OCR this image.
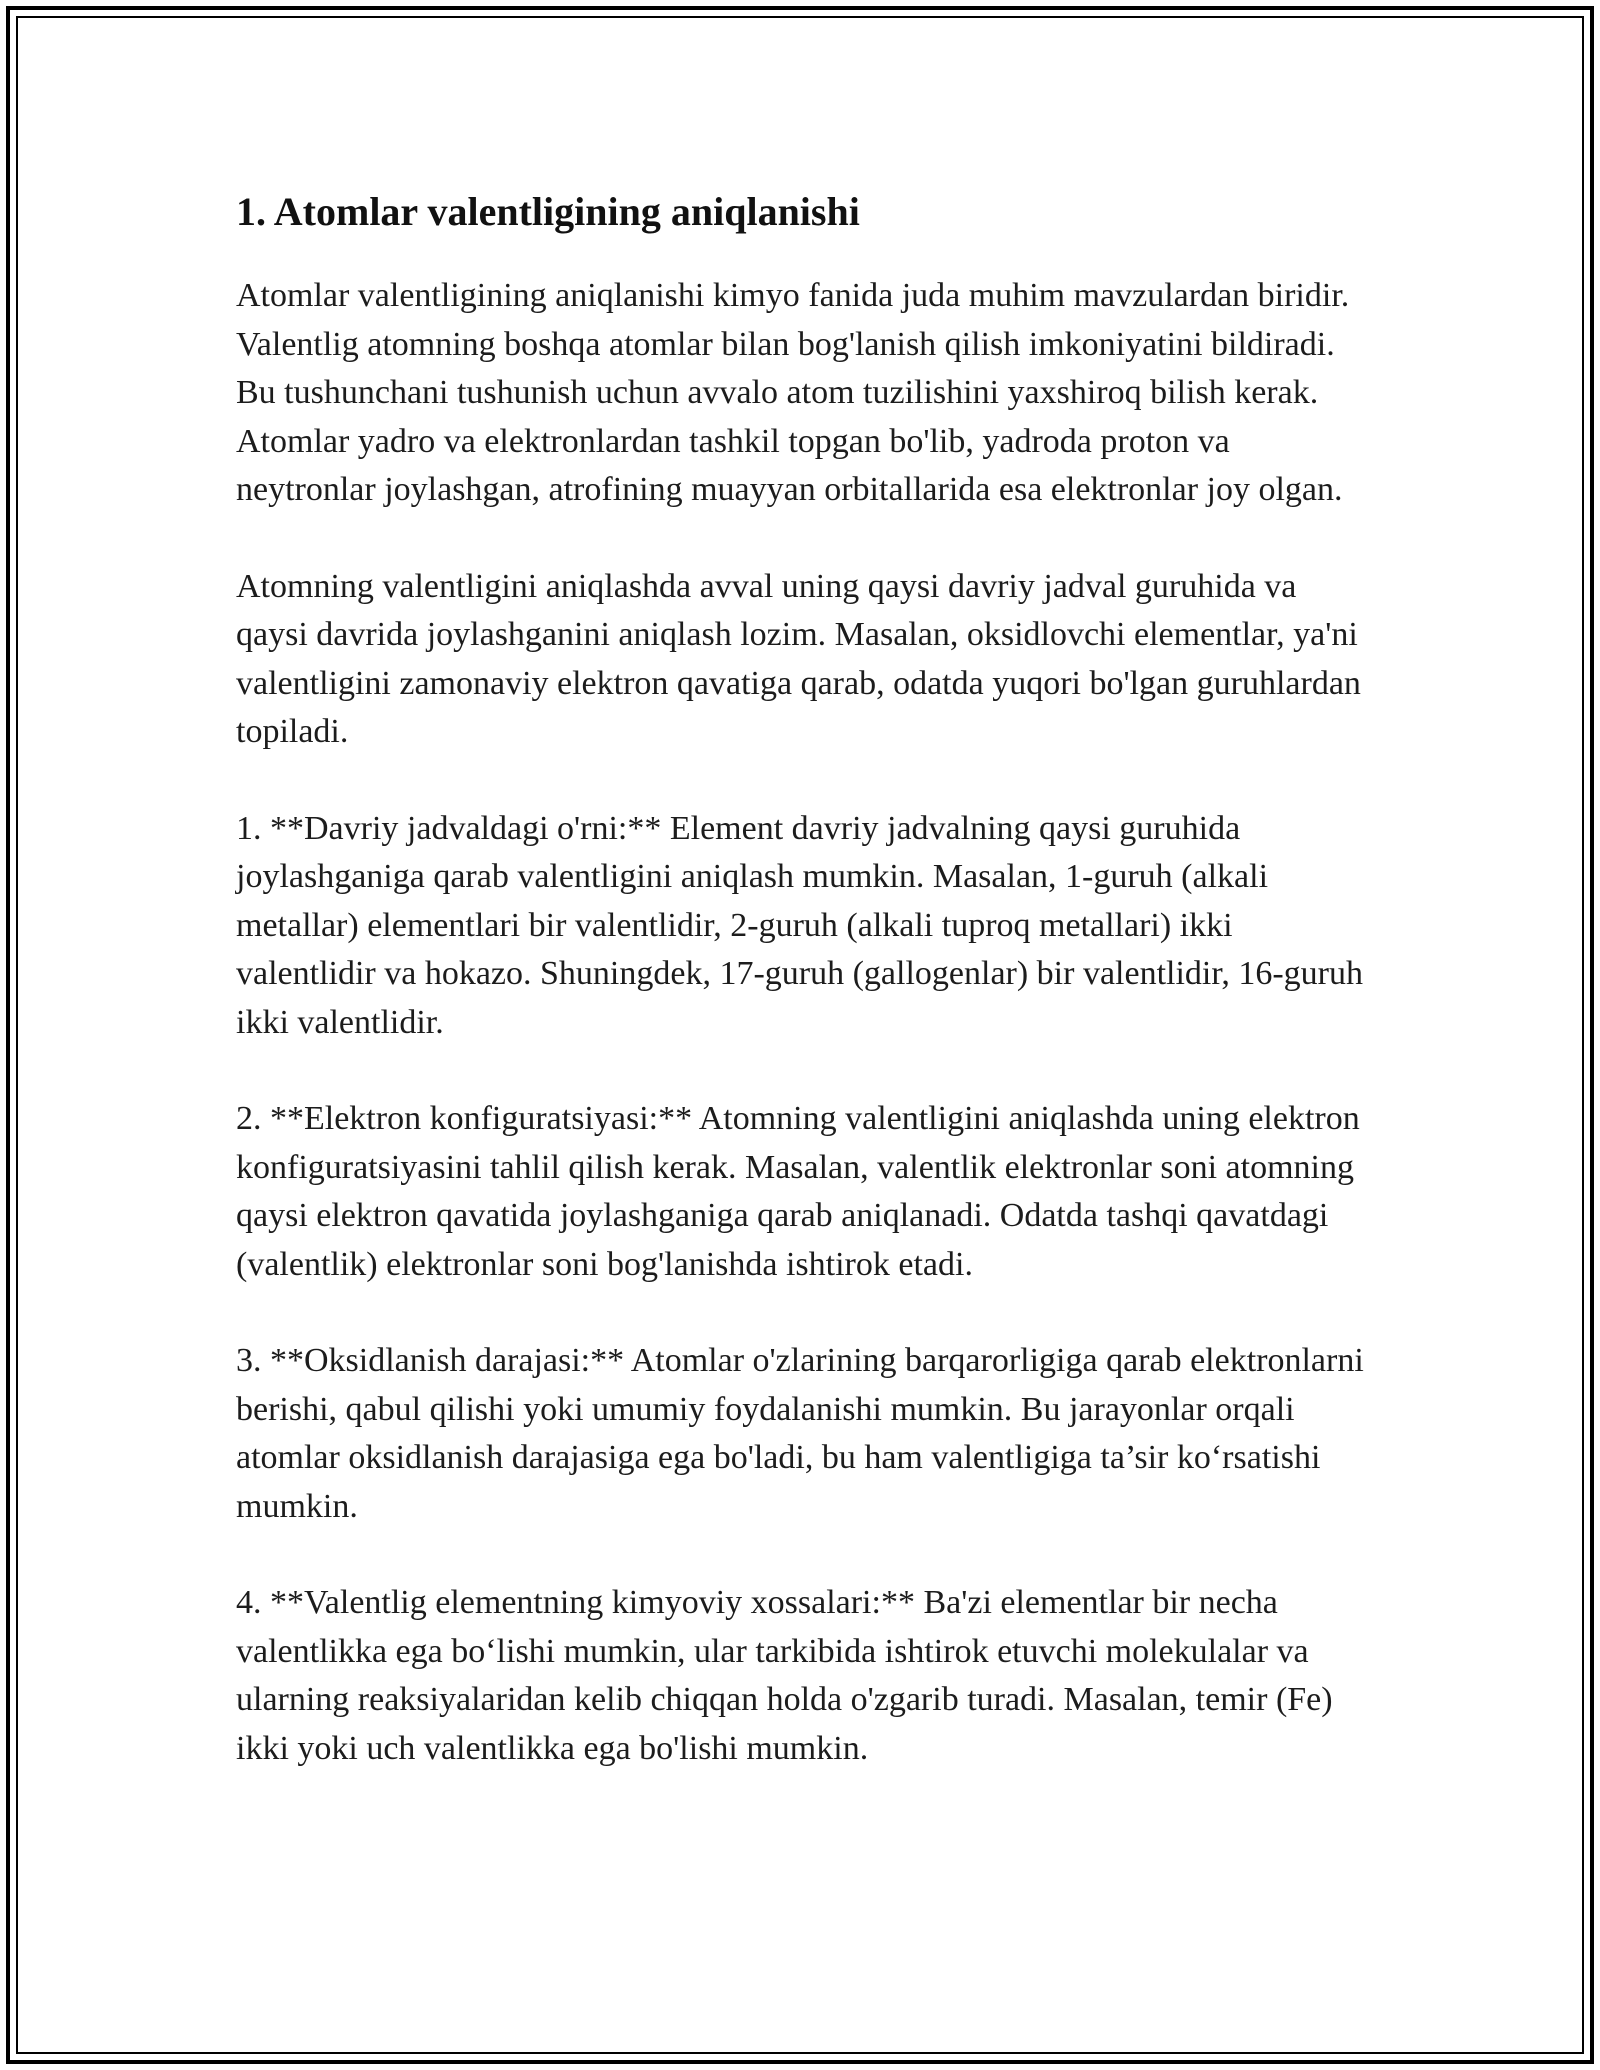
1. Atomlar valentligining aniqlanishi

Atomlar valentligining aniqlanishi kimyo fanida juda muhim mavzulardan biridir. Valentlig atomning boshqa atomlar bilan bog'lanish qilish imkoniyatini bildiradi. Bu tushunchani tushunish uchun avvalo atom tuzilishini yaxshiroq bilish kerak. Atomlar yadro va elektronlardan tashkil topgan bo'lib, yadroda proton va neytronlar joylashgan, atrofining muayyan orbitallarida esa elektronlar joy olgan.

Atomning valentligini aniqlashda avval uning qaysi davriy jadval guruhida va qaysi davrida joylashganini aniqlash lozim. Masalan, oksidlovchi elementlar, ya'ni valentligini zamonaviy elektron qavatiga qarab, odatda yuqori bo'lgan guruhlardan topiladi.

1. **Davriy jadvaldagi o'rni:** Element davriy jadvalning qaysi guruhida joylashganiga qarab valentligini aniqlash mumkin. Masalan, 1-guruh (alkali metallar) elementlari bir valentlidir, 2-guruh (alkali tuproq metallari) ikki valentlidir va hokazo. Shuningdek, 17-guruh (gallogenlar) bir valentlidir, 16-guruh ikki valentlidir.

2. **Elektron konfiguratsiyasi:** Atomning valentligini aniqlashda uning elektron konfiguratsiyasini tahlil qilish kerak. Masalan, valentlik elektronlar soni atomning qaysi elektron qavatida joylashganiga qarab aniqlanadi. Odatda tashqi qavatdagi (valentlik) elektronlar soni bog'lanishda ishtirok etadi.

3. **Oksidlanish darajasi:** Atomlar o'zlarining barqarorligiga qarab elektronlarni berishi, qabul qilishi yoki umumiy foydalanishi mumkin. Bu jarayonlar orqali atomlar oksidlanish darajasiga ega bo'ladi, bu ham valentligiga ta’sir ko‘rsatishi mumkin.

4. **Valentlig elementning kimyoviy xossalari:** Ba'zi elementlar bir necha valentlikka ega bo‘lishi mumkin, ular tarkibida ishtirok etuvchi molekulalar va ularning reaksiyalaridan kelib chiqqan holda o'zgarib turadi. Masalan, temir (Fe) ikki yoki uch valentlikka ega bo'lishi mumkin.
